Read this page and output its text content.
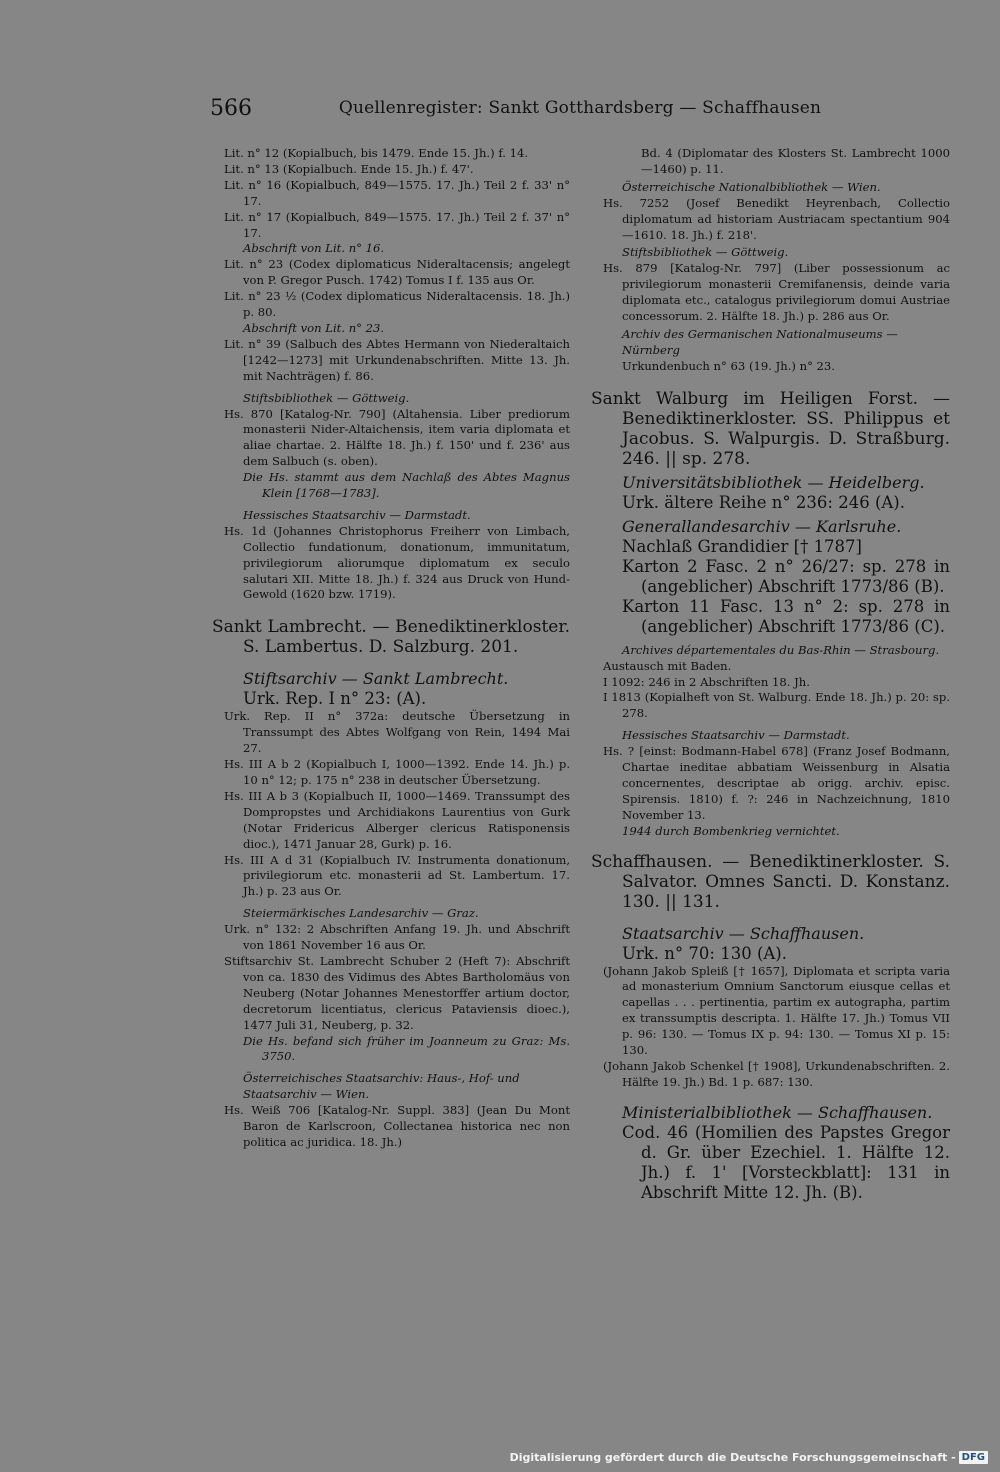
566	Quellenregister: Sankt Gotthardsberg — Schaffhausen

Lit. n° 12 (Kopialbuch, bis 1479. Ende 15. Jh.) f. 14.

Lit. n° 13 (Kopialbuch. Ende 15. Jh.) f. 47'.

Lit. n° 16 (Kopialbuch, 849—1575. 17. Jh.) Teil 2 f. 33' n° 17.

Lit. n° 17 (Kopialbuch, 849—1575. 17. Jh.) Teil 2 f. 37' n° 17.

Abschrift von Lit. n° 16.

Lit. n° 23 (Codex diplomaticus Nideraltacensis; angelegt von P. Gregor Pusch. 1742) Tomus I f. 135 aus Or.

Lit. n° 23 ½ (Codex diplomaticus Nideraltacensis. 18. Jh.) p. 80.

Abschrift von Lit. n° 23.

Lit. n° 39 (Salbuch des Abtes Hermann von Niederaltaich [1242—1273] mit Urkundenabschriften. Mitte 13. Jh. mit Nachträgen) f. 86.

Stiftsbibliothek — Göttweig.

Hs. 870 [Katalog-Nr. 790] (Altahensia. Liber prediorum monasterii Nider-Altaichensis, item varia diplomata et aliae chartae. 2. Hälfte 18. Jh.) f. 150' und f. 236' aus dem Salbuch (s. oben).

Die Hs. stammt aus dem Nachlaß des Abtes Magnus Klein [1768—1783].

Hessisches Staatsarchiv — Darmstadt.

Hs. 1d (Johannes Christophorus Freiherr von Limbach, Collectio fundationum, donationum, immunitatum, privilegiorum aliorumque diplomatum ex seculo salutari XII. Mitte 18. Jh.) f. 324 aus Druck von Hund-Gewold (1620 bzw. 1719).

Sankt Lambrecht. — Benediktinerkloster. S. Lambertus. D. Salzburg. 201.

Stiftsarchiv — Sankt Lambrecht.

Urk. Rep. I n° 23: (A).

Urk. Rep. II n° 372a: deutsche Übersetzung in Transsumpt des Abtes Wolfgang von Rein, 1494 Mai 27.

Hs. III A b 2 (Kopialbuch I, 1000—1392. Ende 14. Jh.) p. 10 n° 12; p. 175 n° 238 in deutscher Übersetzung.

Hs. III A b 3 (Kopialbuch II, 1000—1469. Transsumpt des Dompropstes und Archidiakons Laurentius von Gurk (Notar Fridericus Alberger clericus Ratisponensis dioc.), 1471 Januar 28, Gurk) p. 16.

Hs. III A d 31 (Kopialbuch IV. Instrumenta donationum, privilegiorum etc. monasterii ad St. Lambertum. 17. Jh.) p. 23 aus Or.

Steiermärkisches Landesarchiv — Graz.

Urk. n° 132: 2 Abschriften Anfang 19. Jh. und Abschrift von 1861 November 16 aus Or.

Stiftsarchiv St. Lambrecht Schuber 2 (Heft 7): Abschrift von ca. 1830 des Vidimus des Abtes Bartholomäus von Neuberg (Notar Johannes Menestorffer artium doctor, decretorum licentiatus, clericus Pataviensis dioec.), 1477 Juli 31, Neuberg, p. 32.

Die Hs. befand sich früher im Joanneum zu Graz: Ms. 3750.

Österreichisches Staatsarchiv: Haus-, Hof- und Staatsarchiv — Wien.

Hs. Weiß 706 [Katalog-Nr. Suppl. 383] (Jean Du Mont Baron de Karlscroon, Collectanea historica nec non politica ac juridica. 18. Jh.)

Bd. 4 (Diplomatar des Klosters St. Lambrecht 1000—1460) p. 11.

Österreichische Nationalbibliothek — Wien.

Hs. 7252 (Josef Benedikt Heyrenbach, Collectio diplomatum ad historiam Austriacam spectantium 904—1610. 18. Jh.) f. 218'.

Stiftsbibliothek — Göttweig.

Hs. 879 [Katalog-Nr. 797] (Liber possessionum ac privilegiorum monasterii Cremifanensis, deinde varia diplomata etc., catalogus privilegiorum domui Austriae concessorum. 2. Hälfte 18. Jh.) p. 286 aus Or.

Archiv des Germanischen Nationalmuseums — Nürnberg

Urkundenbuch n° 63 (19. Jh.) n° 23.

Sankt Walburg im Heiligen Forst. — Benediktinerkloster. SS. Philippus et Jacobus. S. Walpurgis. D. Straßburg. 246. || sp. 278.

Universitätsbibliothek — Heidelberg.

Urk. ältere Reihe n° 236: 246 (A).

Generallandesarchiv — Karlsruhe.

Nachlaß Grandidier [† 1787]

Karton 2 Fasc. 2 n° 26/27: sp. 278 in (angeblicher) Abschrift 1773/86 (B).

Karton 11 Fasc. 13 n° 2: sp. 278 in (angeblicher) Abschrift 1773/86 (C).

Archives départementales du Bas-Rhin — Strasbourg.

Austausch mit Baden.

I 1092: 246 in 2 Abschriften 18. Jh.

I 1813 (Kopialheft von St. Walburg. Ende 18. Jh.) p. 20: sp. 278.

Hessisches Staatsarchiv — Darmstadt.

Hs. ? [einst: Bodmann-Habel 678] (Franz Josef Bodmann, Chartae ineditae abbatiam Weissenburg in Alsatia concernentes, descriptae ab origg. archiv. episc. Spirensis. 1810) f. ?: 246 in Nachzeichnung, 1810 November 13.

1944 durch Bombenkrieg vernichtet.

Schaffhausen. — Benediktinerkloster. S. Salvator. Omnes Sancti. D. Konstanz. 130. || 131.

Staatsarchiv — Schaffhausen.

Urk. n° 70: 130 (A).

(Johann Jakob Spleiß [† 1657], Diplomata et scripta varia ad monasterium Omnium Sanctorum eiusque cellas et capellas . . . pertinentia, partim ex autographa, partim ex transsumptis descripta. 1. Hälfte 17. Jh.) Tomus VII p. 96: 130. — Tomus IX p. 94: 130. — Tomus XI p. 15: 130.

(Johann Jakob Schenkel [† 1908], Urkundenabschriften. 2. Hälfte 19. Jh.) Bd. 1 p. 687: 130.

Ministerialbibliothek — Schaffhausen.

Cod. 46 (Homilien des Papstes Gregor d. Gr. über Ezechiel. 1. Hälfte 12. Jh.) f. 1' [Vorsteckblatt]: 131 in Abschrift Mitte 12. Jh. (B).

Digitalisierung gefördert durch die Deutsche Forschungsgemeinschaft - DFG
